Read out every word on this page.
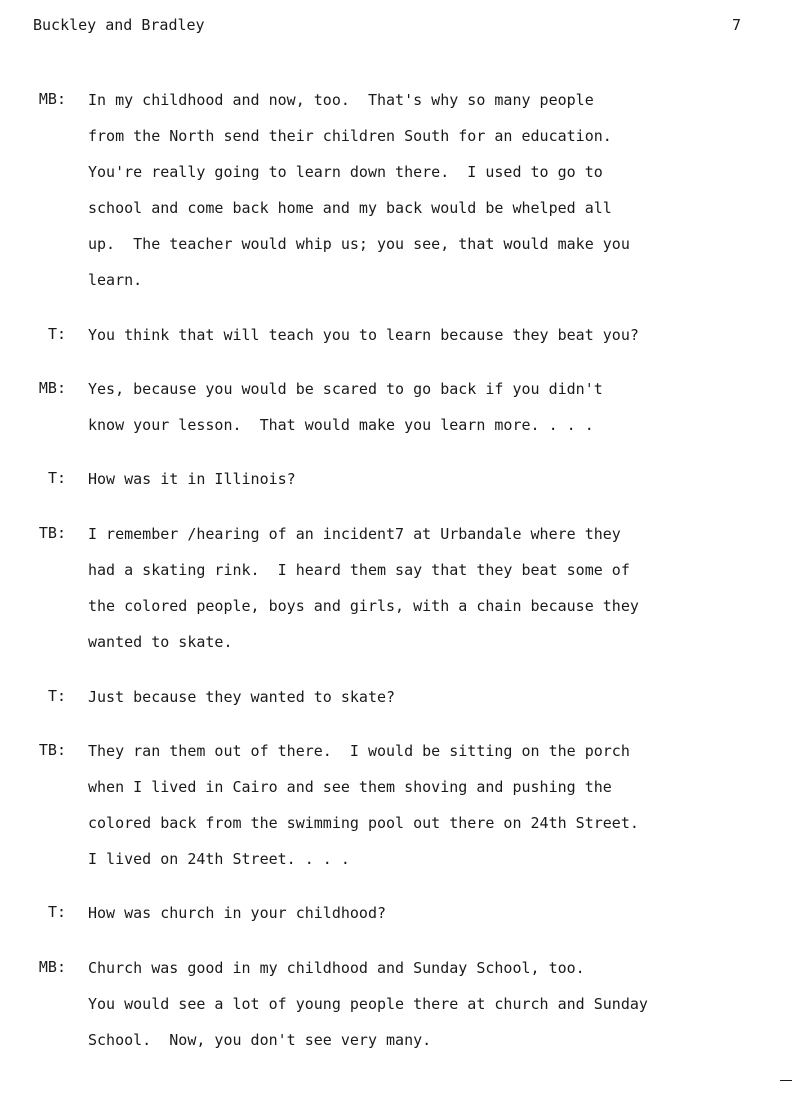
Buckley and Bradley	7
MB: In my childhood and now, too.  That's why so many people
from the North send their children South for an education.
You're really going to learn down there.  I used to go to
school and come back home and my back would be whelped all
up.  The teacher would whip us; you see, that would make you
learn.
T: You think that will teach you to learn because they beat you?
MB: Yes, because you would be scared to go back if you didn't
know your lesson.  That would make you learn more. . . .
T: How was it in Illinois?
TB: I remember /hearing of an incident7 at Urbandale where they
had a skating rink.  I heard them say that they beat some of
the colored people, boys and girls, with a chain because they
wanted to skate.
T: Just because they wanted to skate?
TB: They ran them out of there.  I would be sitting on the porch
when I lived in Cairo and see them shoving and pushing the
colored back from the swimming pool out there on 24th Street.
I lived on 24th Street. . . .
T: How was church in your childhood?
MB: Church was good in my childhood and Sunday School, too.
You would see a lot of young people there at church and Sunday
School.  Now, you don't see very many.
